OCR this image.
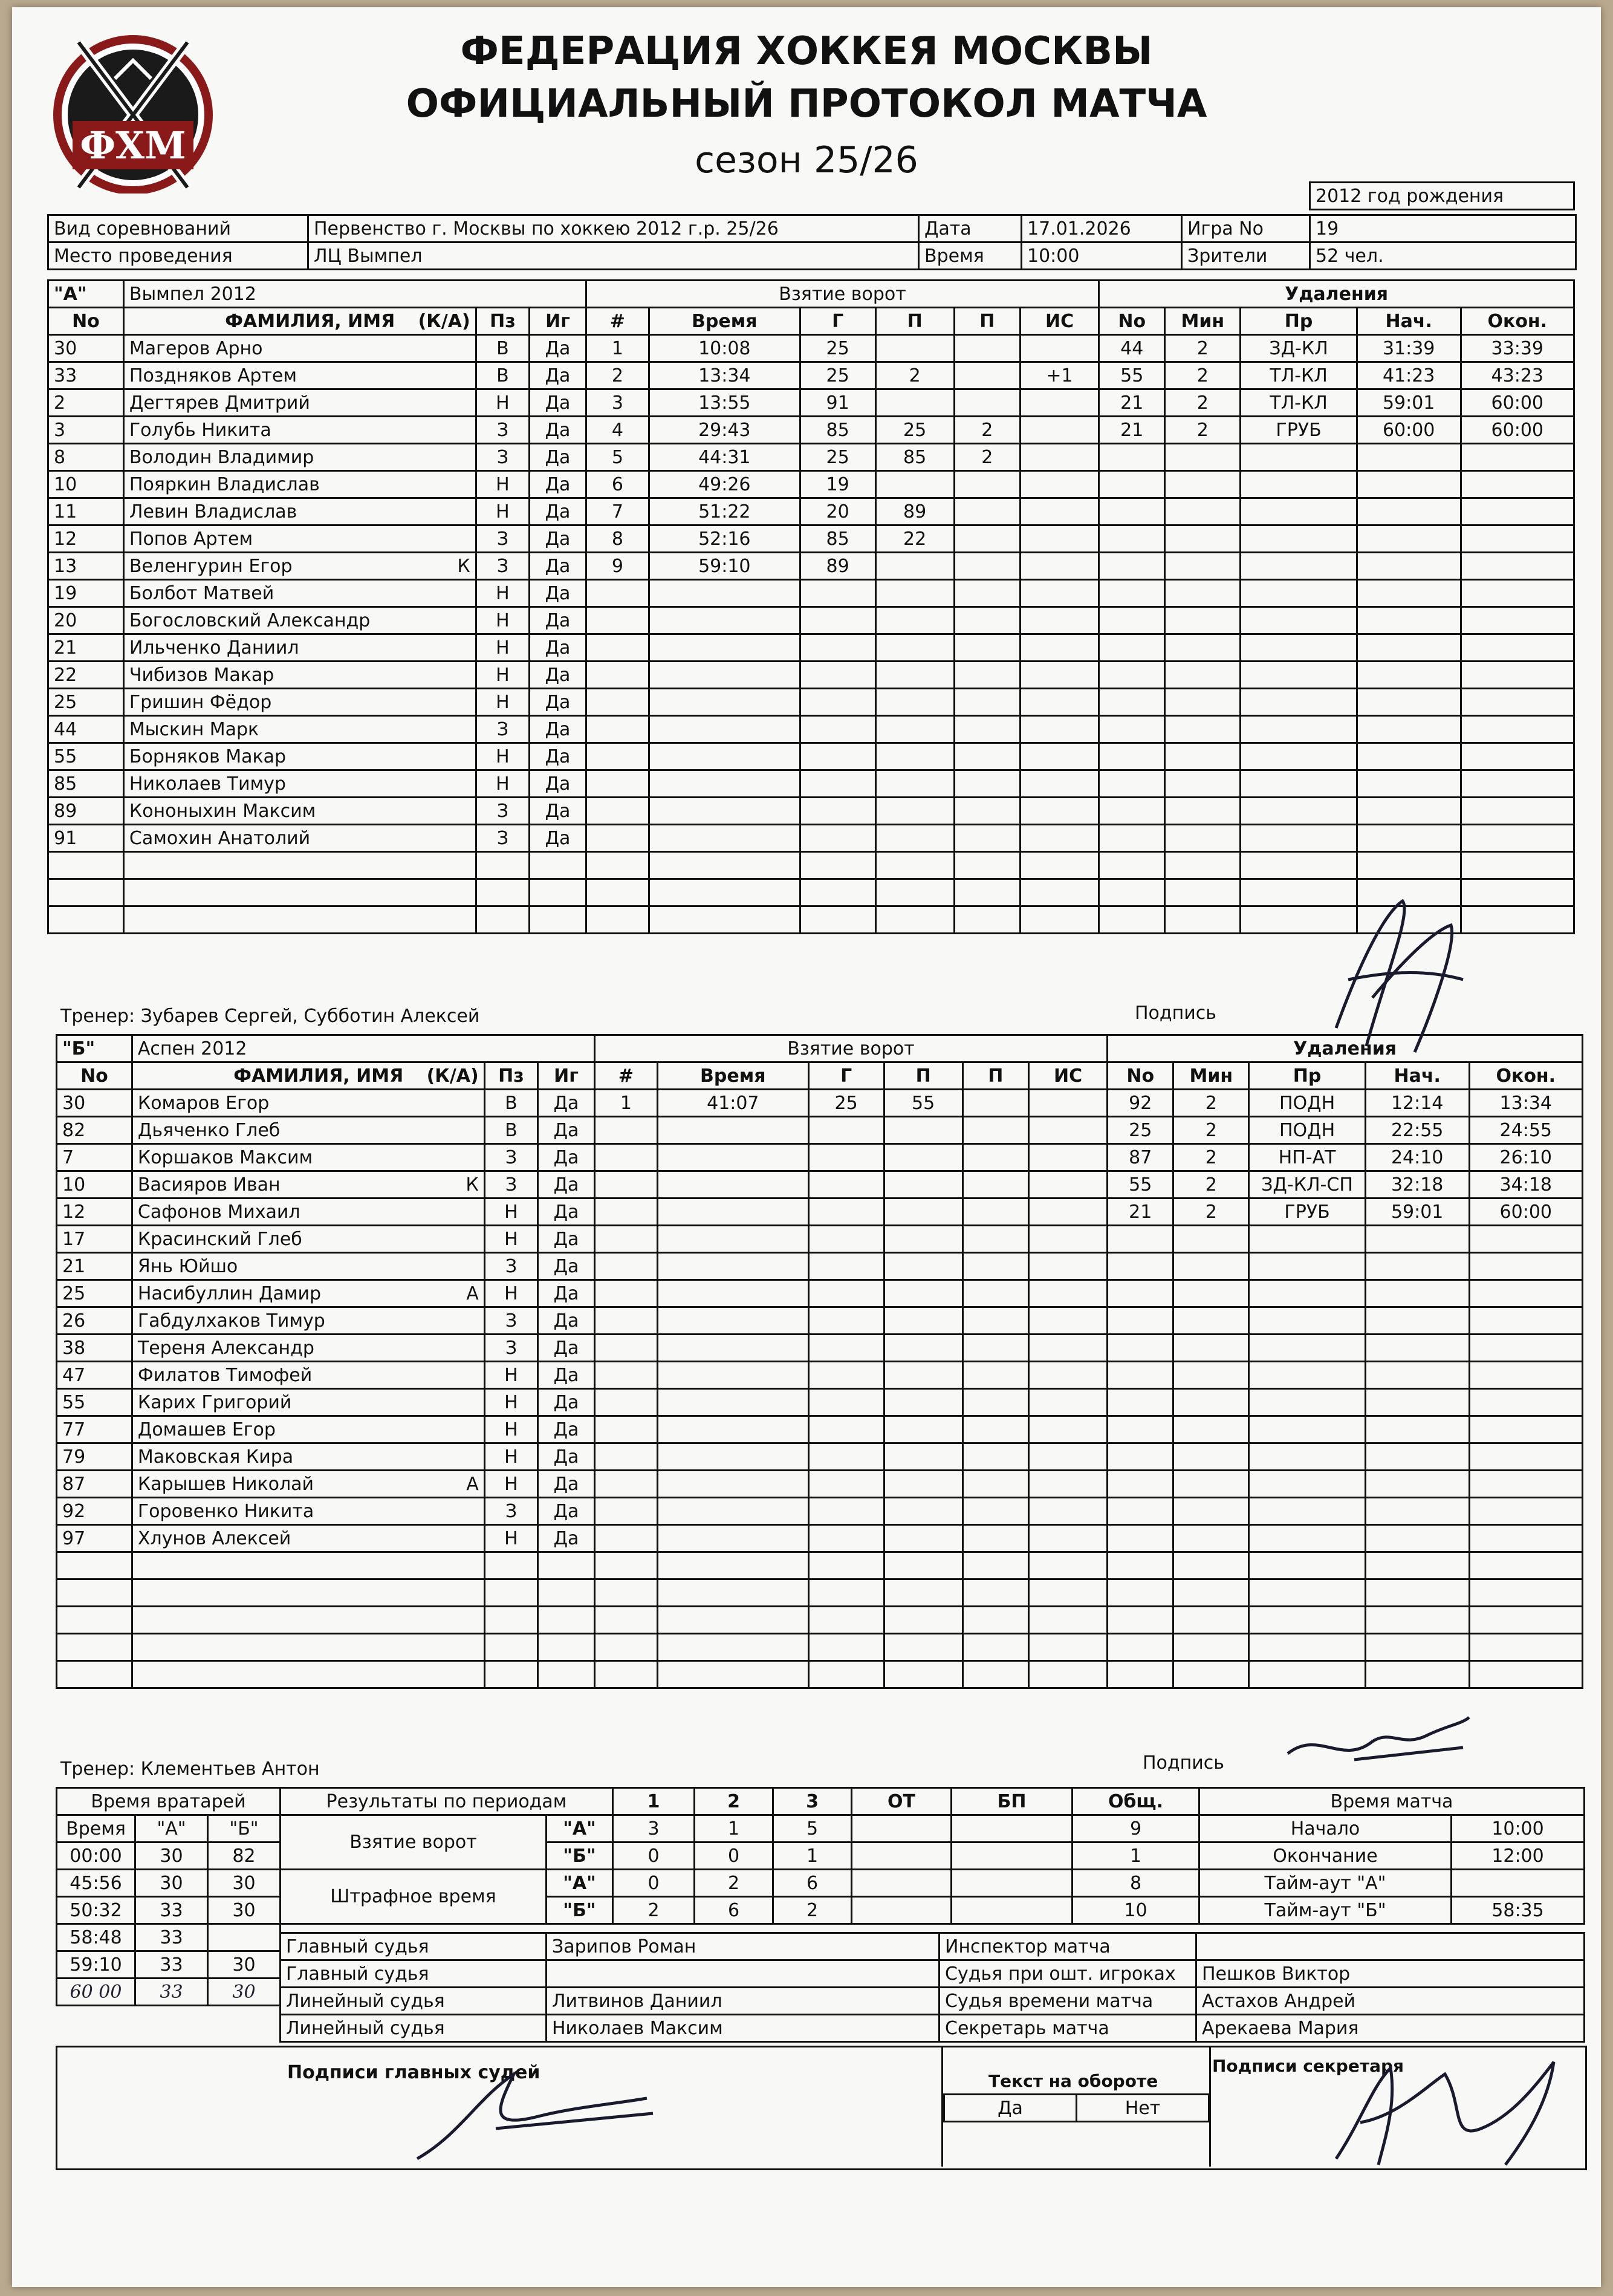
ФХМ
ФЕДЕРАЦИЯ ХОККЕЯ МОСКВЫ
ОФИЦИАЛЬНЫЙ ПРОТОКОЛ МАТЧА
сезон 25/26
2012 год рождения
Вид соревнований	Первенство г. Москвы по хоккею 2012 г.р. 25/26	Дата	17.01.2026	Игра No	19
Место проведения	ЛЦ Вымпел	Время	10:00	Зрители	52 чел.
"А"	Вымпел 2012			Взятие ворот						Удаления				
No	ФАМИЛИЯ, ИМЯ (К/А)	Пз	Иг	#	Время	Г	П	П	ИС	No	Мин	Пр	Нач.	Окон.
30	Магеров Арно	В	Да	1	10:08	25				44	2	ЗД-КЛ	31:39	33:39
33	Поздняков Артем	В	Да	2	13:34	25	2		+1	55	2	ТЛ-КЛ	41:23	43:23
2	Дегтярев Дмитрий	Н	Да	3	13:55	91				21	2	ТЛ-КЛ	59:01	60:00
3	Голубь Никита	З	Да	4	29:43	85	25	2		21	2	ГРУБ	60:00	60:00
8	Володин Владимир	З	Да	5	44:31	25	85	2						
10	Пояркин Владислав	Н	Да	6	49:26	19								
11	Левин Владислав	Н	Да	7	51:22	20	89							
12	Попов Артем	З	Да	8	52:16	85	22							
13	Веленгурин Егор К	З	Да	9	59:10	89								
19	Болбот Матвей	Н	Да											
20	Богословский Александр	Н	Да											
21	Ильченко Даниил	Н	Да											
22	Чибизов Макар	Н	Да											
25	Гришин Фёдор	Н	Да											
44	Мыскин Марк	З	Да											
55	Борняков Макар	Н	Да											
85	Николаев Тимур	Н	Да											
89	Кононыхин Максим	З	Да											
91	Самохин Анатолий	З	Да											

Тренер: Зубарев Сергей, Субботин Алексей	Подпись
"Б"	Аспен 2012			Взятие ворот						Удаления				
No	ФАМИЛИЯ, ИМЯ (К/А)	Пз	Иг	#	Время	Г	П	П	ИС	No	Мин	Пр	Нач.	Окон.
30	Комаров Егор	В	Да	1	41:07	25	55			92	2	ПОДН	12:14	13:34
82	Дьяченко Глеб	В	Да							25	2	ПОДН	22:55	24:55
7	Коршаков Максим	З	Да							87	2	НП-АТ	24:10	26:10
10	Васияров Иван К	З	Да							55	2	ЗД-КЛ-СП	32:18	34:18
12	Сафонов Михаил	Н	Да							21	2	ГРУБ	59:01	60:00
17	Красинский Глеб	Н	Да											
21	Янь Юйшо	З	Да											
25	Насибуллин Дамир А	Н	Да											
26	Габдулхаков Тимур	З	Да											
38	Тереня Александр	З	Да											
47	Филатов Тимофей	Н	Да											
55	Карих Григорий	Н	Да											
77	Домашев Егор	Н	Да											
79	Маковская Кира	Н	Да											
87	Карышев Николай А	Н	Да											
92	Горовенко Никита	З	Да											
97	Хлунов Алексей	Н	Да											

Тренер: Клементьев Антон	Подпись
Время вратарей		
Время	"А"	"Б"
00:00	30	82
45:56	30	30
50:32	33	30
58:48	33	
59:10	33	30
60 00	33	30
Результаты по периодам		1	2	3	ОТ	БП	Общ.
Взятие ворот	"А"	3	1	5			9
	"Б"	0	0	1			1
Штрафное время	"А"	0	2	6			8
	"Б"	2	6	2			10
Время матча	
Начало	10:00
Окончание	12:00
Тайм-аут "А"	
Тайм-аут "Б"	58:35
Главный судья	Зарипов Роман	Инспектор матча	
Главный судья		Судья при ошт. игроках	Пешков Виктор
Линейный судья	Литвинов Даниил	Судья времени матча	Астахов Андрей
Линейный судья	Николаев Максим	Секретарь матча	Арекаева Мария
Подписи главных судей	Текст на обороте
Да	Нет
Подписи секретаря
